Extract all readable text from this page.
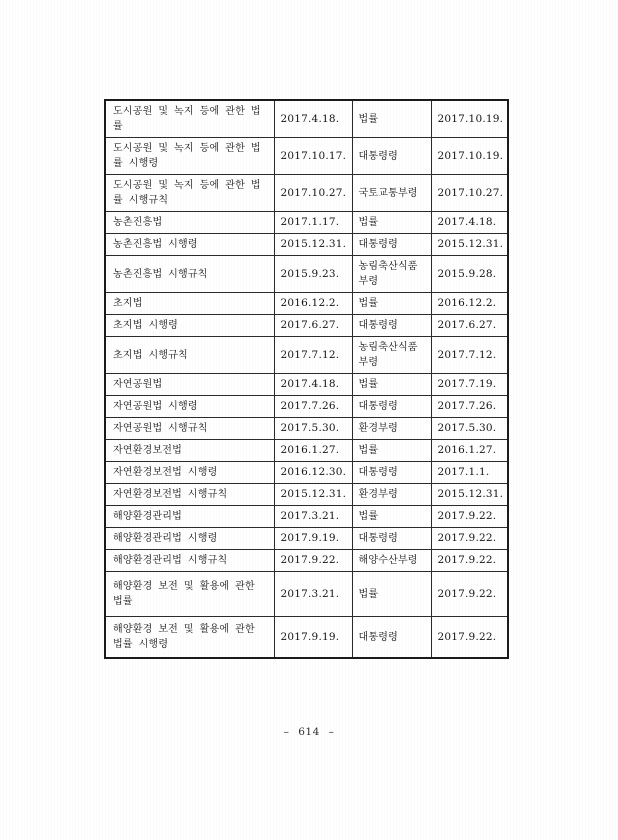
도시공원 및 녹지 등에 관한 법률	2017.4.18.	법률	2017.10.19.
도시공원 및 녹지 등에 관한 법률 시행령	2017.10.17.	대통령령	2017.10.19.
도시공원 및 녹지 등에 관한 법률 시행규칙	2017.10.27.	국토교통부령	2017.10.27.
농촌진흥법	2017.1.17.	법률	2017.4.18.
농촌진흥법 시행령	2015.12.31.	대통령령	2015.12.31.
농촌진흥법 시행규칙	2015.9.23.	농림축산식품부령	2015.9.28.
초지법	2016.12.2.	법률	2016.12.2.
초지법 시행령	2017.6.27.	대통령령	2017.6.27.
초지법 시행규칙	2017.7.12.	농림축산식품부령	2017.7.12.
자연공원법	2017.4.18.	법률	2017.7.19.
자연공원법 시행령	2017.7.26.	대통령령	2017.7.26.
자연공원법 시행규칙	2017.5.30.	환경부령	2017.5.30.
자연환경보전법	2016.1.27.	법률	2016.1.27.
자연환경보전법 시행령	2016.12.30.	대통령령	2017.1.1.
자연환경보전법 시행규칙	2015.12.31.	환경부령	2015.12.31.
해양환경관리법	2017.3.21.	법률	2017.9.22.
해양환경관리법 시행령	2017.9.19.	대통령령	2017.9.22.
해양환경관리법 시행규칙	2017.9.22.	해양수산부령	2017.9.22.
해양환경 보전 및 활용에 관한 법률	2017.3.21.	법률	2017.9.22.
해양환경 보전 및 활용에 관한 법률 시행령	2017.9.19.	대통령령	2017.9.22.
– 614 –
